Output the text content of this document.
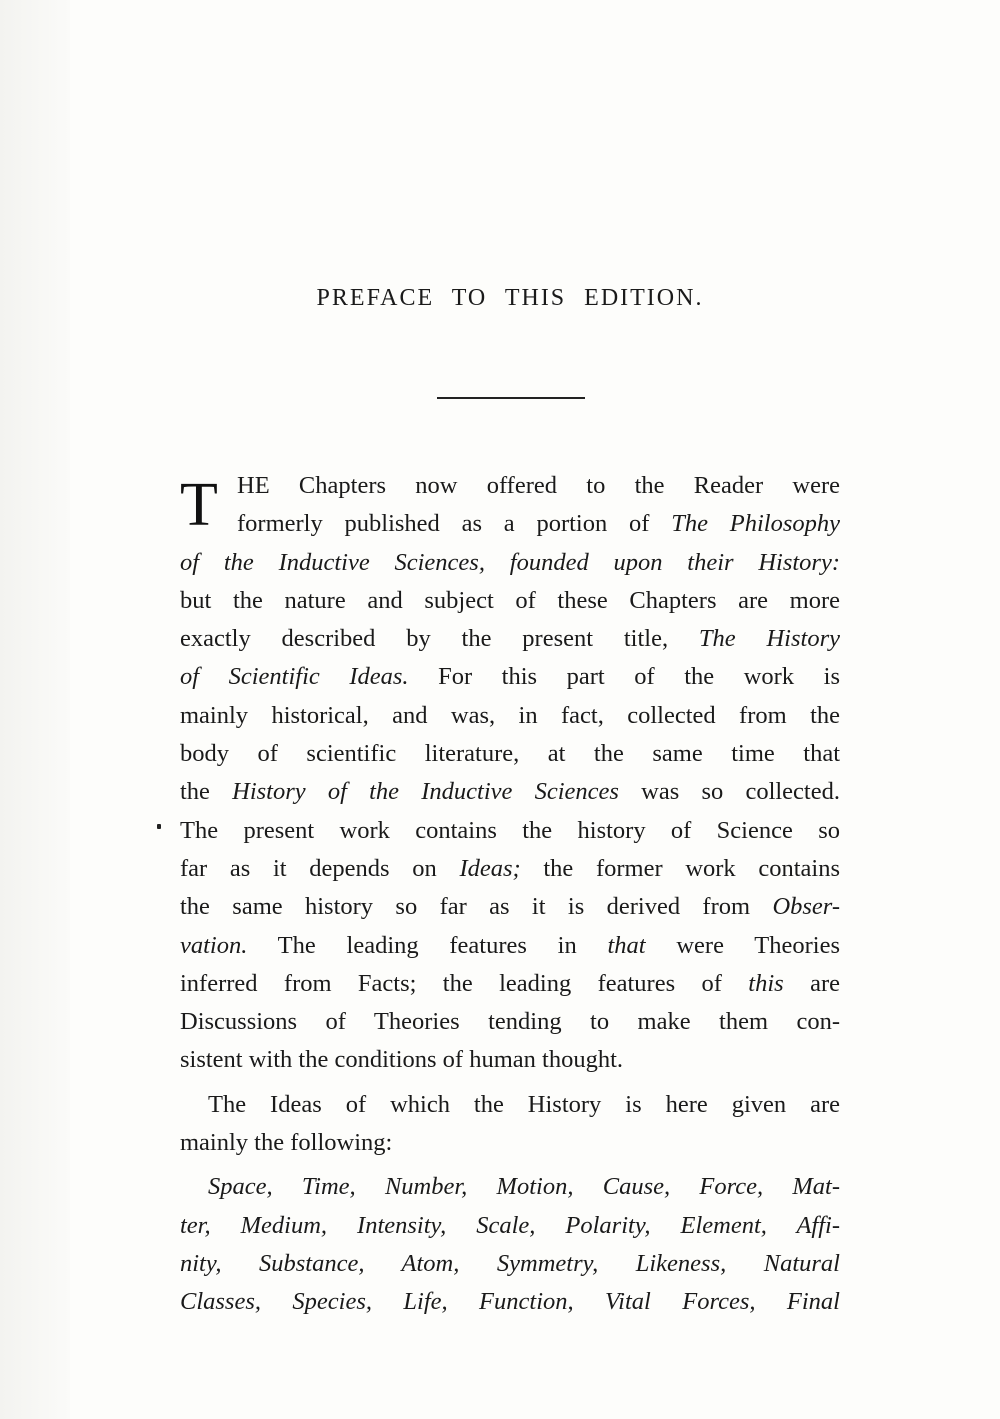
PREFACE TO THIS EDITION.
T HE Chapters now offered to the Reader were
formerly published as a portion of The Philosophy
of the Inductive Sciences, founded upon their History:
but the nature and subject of these Chapters are more
exactly described by the present title, The History
of Scientific Ideas. For this part of the work is
mainly historical, and was, in fact, collected from the
body of scientific literature, at the same time that
the History of the Inductive Sciences was so collected.
The present work contains the history of Science so
far as it depends on Ideas; the former work contains
the same history so far as it is derived from Obser-
vation. The leading features in that were Theories
inferred from Facts; the leading features of this are
Discussions of Theories tending to make them con-
sistent with the conditions of human thought.
The Ideas of which the History is here given are
mainly the following:
Space, Time, Number, Motion, Cause, Force, Mat-
ter, Medium, Intensity, Scale, Polarity, Element, Affi-
nity, Substance, Atom, Symmetry, Likeness, Natural
Classes, Species, Life, Function, Vital Forces, Final
